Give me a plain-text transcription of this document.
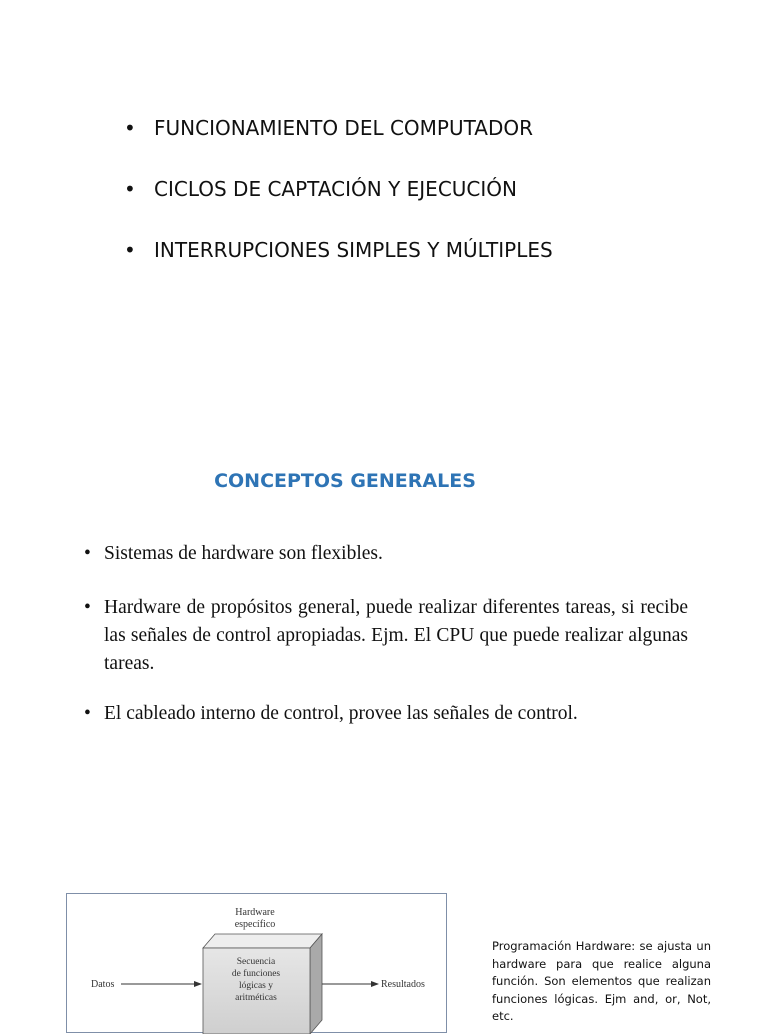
• FUNCIONAMIENTO DEL COMPUTADOR
• CICLOS DE CAPTACIÓN Y EJECUCIÓN
• INTERRUPCIONES SIMPLES Y MÚLTIPLES
CONCEPTOS GENERALES
• Sistemas de hardware son flexibles.
• Hardware de propósitos general, puede realizar diferentes tareas, si recibe las señales de control apropiadas. Ejm. El CPU que puede realizar algunas tareas.
• El cableado interno de control, provee las señales de control.
Hardware
específico
Secuencia
de funciones
lógicas y
aritméticas
Datos	Resultados
Programación Hardware: se ajusta un hardware para que realice alguna función. Son elementos que realizan funciones lógicas. Ejm and, or, Not, etc.
